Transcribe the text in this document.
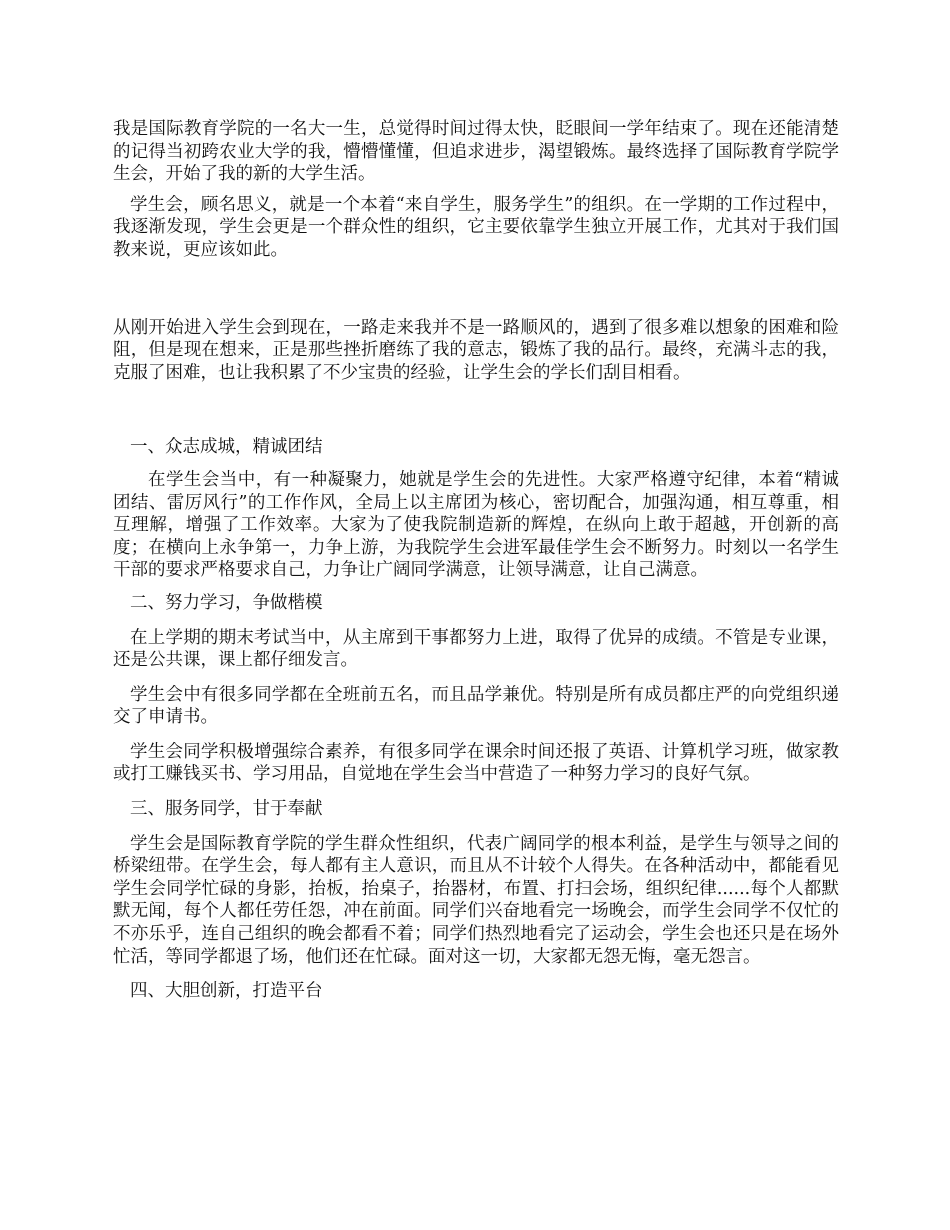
我是国际教育学院的一名大一生，总觉得时间过得太快，眨眼间一学年结束了。现在还能清楚的记得当初跨农业大学的我，懵懵懂懂，但追求进步，渴望锻炼。最终选择了国际教育学院学生会，开始了我的新的大学生活。

学生会，顾名思义，就是一个本着“来自学生，服务学生”的组织。在一学期的工作过程中，我逐渐发现，学生会更是一个群众性的组织，它主要依靠学生独立开展工作，尤其对于我们国教来说，更应该如此。

从刚开始进入学生会到现在，一路走来我并不是一路顺风的，遇到了很多难以想象的困难和险阻，但是现在想来，正是那些挫折磨练了我的意志，锻炼了我的品行。最终，充满斗志的我，克服了困难，也让我积累了不少宝贵的经验，让学生会的学长们刮目相看。

一、众志成城，精诚团结

在学生会当中，有一种凝聚力，她就是学生会的先进性。大家严格遵守纪律，本着“精诚团结、雷厉风行”的工作作风，全局上以主席团为核心，密切配合，加强沟通，相互尊重，相互理解，增强了工作效率。大家为了使我院制造新的辉煌，在纵向上敢于超越，开创新的高度；在横向上永争第一，力争上游，为我院学生会进军最佳学生会不断努力。时刻以一名学生干部的要求严格要求自己，力争让广阔同学满意，让领导满意，让自己满意。

二、努力学习，争做楷模

在上学期的期末考试当中，从主席到干事都努力上进，取得了优异的成绩。不管是专业课，还是公共课，课上都仔细发言。

学生会中有很多同学都在全班前五名，而且品学兼优。特别是所有成员都庄严的向党组织递交了申请书。

学生会同学积极增强综合素养，有很多同学在课余时间还报了英语、计算机学习班，做家教或打工赚钱买书、学习用品，自觉地在学生会当中营造了一种努力学习的良好气氛。

三、服务同学，甘于奉献

学生会是国际教育学院的学生群众性组织，代表广阔同学的根本利益，是学生与领导之间的桥梁纽带。在学生会，每人都有主人意识，而且从不计较个人得失。在各种活动中，都能看见学生会同学忙碌的身影，抬板，抬桌子，抬器材，布置、打扫会场，组织纪律......每个人都默默无闻，每个人都任劳任怨，冲在前面。同学们兴奋地看完一场晚会，而学生会同学不仅忙的不亦乐乎，连自己组织的晚会都看不着；同学们热烈地看完了运动会，学生会也还只是在场外忙活，等同学都退了场，他们还在忙碌。面对这一切，大家都无怨无悔，毫无怨言。

四、大胆创新，打造平台
